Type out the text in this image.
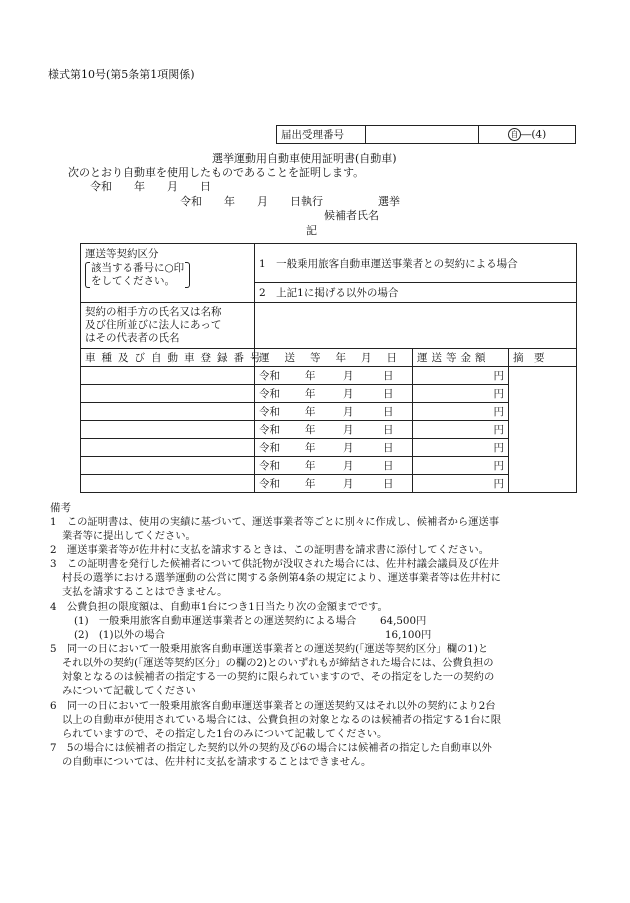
様式第10号(第5条第1項関係)
届出受理番号		自 ―(4)
選挙運動用自動車使用証明書(自動車)
次のとおり自動車を使用したものであることを証明します。
令和　　年　　月　　日
令和　　年　　月　　日執行　　　　　選挙
候補者氏名
記
運送等契約区分
該当する番号に○印
をしてください。	1　一般乗用旅客自動車運送事業者との契約による場合		
	2　上記1に掲げる以外の場合		

契約の相手方の氏名又は名称
及び住所並びに法人にあって
はその代表者の氏名			

車種及び自動車登録番号	運送等年月日	運送等金額	摘　要
	令和 年 月 日	円	
	令和 年 月 日	円	
	令和 年 月 日	円	
	令和 年 月 日	円	
	令和 年 月 日	円	
	令和 年 月 日	円	
	令和 年 月 日	円	
備考
1　この証明書は、使用の実績に基づいて、運送事業者等ごとに別々に作成し、候補者から運送事
業者等に提出してください。
2　運送事業者等が佐井村に支払を請求するときは、この証明書を請求書に添付してください。
3　この証明書を発行した候補者について供託物が没収された場合には、佐井村議会議員及び佐井
村長の選挙における選挙運動の公営に関する条例第4条の規定により、運送事業者等は佐井村に
支払を請求することはできません。
4　公費負担の限度額は、自動車1台につき1日当たり次の金額までです。
(1)　一般乗用旅客自動車運送事業者との運送契約による場合 64,500円
(2)　(1)以外の場合	16,100円
5　同一の日において一般乗用旅客自動車運送事業者との運送契約(「運送等契約区分」欄の1)と
それ以外の契約(「運送等契約区分」の欄の2)とのいずれもが締結された場合には、公費負担の
対象となるのは候補者の指定する一の契約に限られていますので、その指定をした一の契約の
みについて記載してください
6　同一の日において一般乗用旅客自動車運送事業者との運送契約又はそれ以外の契約により2台
以上の自動車が使用されている場合には、公費負担の対象となるのは候補者の指定する1台に限
られていますので、その指定した1台のみについて記載してください。
7　5の場合には候補者の指定した契約以外の契約及び6の場合には候補者の指定した自動車以外
の自動車については、佐井村に支払を請求することはできません。
